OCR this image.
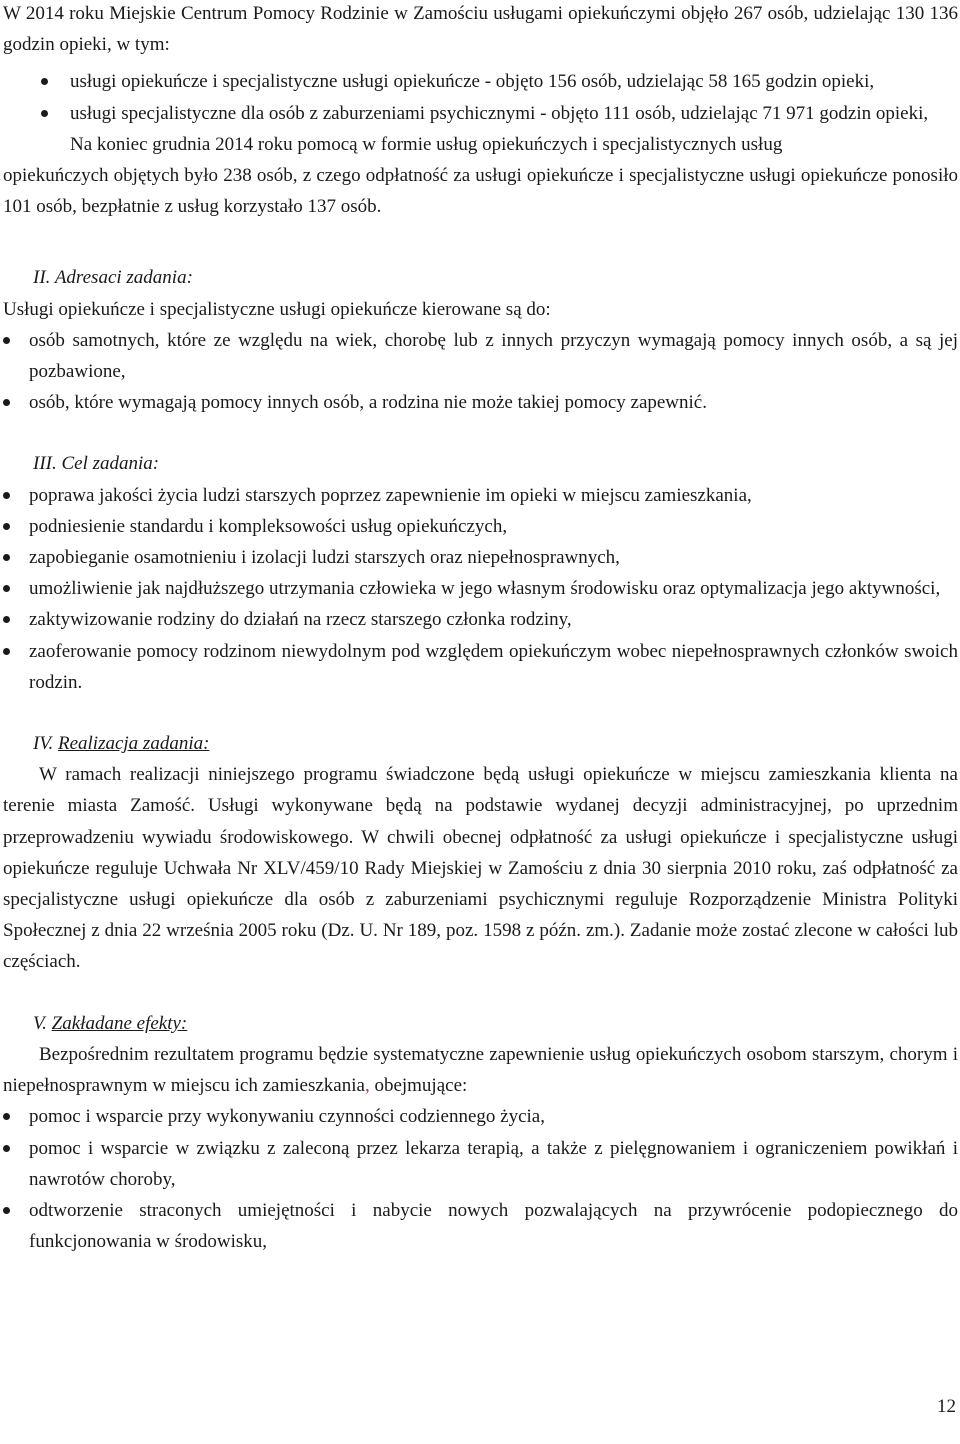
W 2014 roku Miejskie Centrum Pomocy Rodzinie w Zamościu usługami opiekuńczymi objęło 267 osób, udzielając 130 136 godzin opieki, w tym:

usługi opiekuńcze i specjalistyczne usługi opiekuńcze - objęto 156 osób, udzielając 58 165 godzin opieki,
usługi specjalistyczne dla osób z zaburzeniami psychicznymi - objęto 111 osób, udzielając 71 971 godzin opieki,

Na koniec grudnia 2014 roku pomocą w formie usług opiekuńczych i specjalistycznych usług

opiekuńczych objętych było 238 osób, z czego odpłatność za usługi opiekuńcze i specjalistyczne usługi opiekuńcze ponosiło 101 osób, bezpłatnie z usług korzystało 137 osób.

II. Adresaci zadania:

Usługi opiekuńcze i specjalistyczne usługi opiekuńcze kierowane są do:

osób samotnych, które ze względu na wiek, chorobę lub z innych przyczyn wymagają pomocy innych osób, a są jej pozbawione,
osób, które wymagają pomocy innych osób, a rodzina nie może takiej pomocy zapewnić.

III. Cel zadania:

poprawa jakości życia ludzi starszych poprzez zapewnienie im opieki w miejscu zamieszkania,
podniesienie standardu i kompleksowości usług opiekuńczych,
zapobieganie osamotnieniu i izolacji ludzi starszych oraz niepełnosprawnych,
umożliwienie jak najdłuższego utrzymania człowieka w jego własnym środowisku oraz optymalizacja jego aktywności,
zaktywizowanie rodziny do działań na rzecz starszego członka rodziny,
zaoferowanie pomocy rodzinom niewydolnym pod względem opiekuńczym wobec niepełnosprawnych członków swoich rodzin.

IV. Realizacja zadania:

W ramach realizacji niniejszego programu świadczone będą usługi opiekuńcze w miejscu zamieszkania klienta na terenie miasta Zamość. Usługi wykonywane będą na podstawie wydanej decyzji administracyjnej, po uprzednim przeprowadzeniu wywiadu środowiskowego. W chwili obecnej odpłatność za usługi opiekuńcze i specjalistyczne usługi opiekuńcze reguluje Uchwała Nr XLV/459/10 Rady Miejskiej w Zamościu z dnia 30 sierpnia 2010 roku, zaś odpłatność za specjalistyczne usługi opiekuńcze dla osób z zaburzeniami psychicznymi reguluje Rozporządzenie Ministra Polityki Społecznej z dnia 22 września 2005 roku (Dz. U. Nr 189, poz. 1598 z późn. zm.). Zadanie może zostać zlecone w całości lub częściach.

V. Zakładane efekty:

Bezpośrednim rezultatem programu będzie systematyczne zapewnienie usług opiekuńczych osobom starszym, chorym i niepełnosprawnym w miejscu ich zamieszkania, obejmujące:

pomoc i wsparcie przy wykonywaniu czynności codziennego życia,
pomoc i wsparcie w związku z zaleconą przez lekarza terapią, a także z pielęgnowaniem i ograniczeniem powikłań i nawrotów choroby,
odtworzenie straconych umiejętności i nabycie nowych pozwalających na przywrócenie podopiecznego do funkcjonowania w środowisku,
12
